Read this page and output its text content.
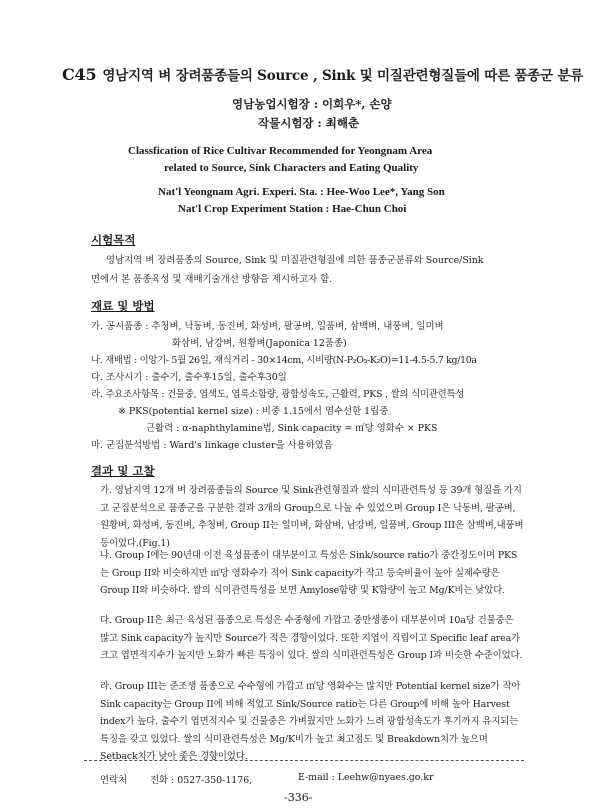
C45 영남지역 벼 장려품종들의 Source , Sink 및 미질관련형질들에 따른 품종군 분류
영남농업시험장 : 이희우*, 손양
작물시험장 : 최해춘
Classfication of Rice Cultivar Recommended for Yeongnam Area
related to Source, Sink Characters and Eating Quality
Nat'l Yeongnam Agri. Experi. Sta. : Hee-Woo Lee*, Yang Son
Nat'l Crop Experiment Station : Hae-Chun Choi
시험목적
영남지역 벼 장려품종의 Source, Sink 및 미질관련형질에 의한 품종군분류와 Source/Sink
면에서 본 품종육성 및 재배기술개선 방향을 제시하고자 함.
재료 및 방법
가. 공시품종 : 추청벼, 낙동벼, 동진벼, 화성벼, 팔공벼, 일품벼, 삼백벼, 내풍벼, 일미벼
화삼벼, 남강벼, 원황벼(Japonica 12품종)
나. 재배법 : 이앙기- 5월 26일, 재식거리 - 30×14cm, 시비량(N-P₂O₅-K₂O)=11-4.5-5.7 kg/10a
다. 조사시기 : 출수기, 출수후15일, 출수후30일
라. 주요조사항목 : 건물중, 엽색도, 엽록소함량, 광합성속도, 근활력, PKS , 쌀의 식미관련특성
※ PKS(potential kernel size) : 비중 1.15에서 염수선한 1립중
근활력 : α-naphthylamine법, Sink capacity = ㎡당 영화수 × PKS
마. 군집분석방법 : Ward's linkage cluster을 사용하였음
결과 및 고찰
가. 영남지역 12개 벼 장려품종들의 Source 및 Sink관련형질과 쌀의 식미관련특성 등 39개 형질을 가지고 군집분석으로 품종군을 구분한 결과 3개의 Group으로 나눌 수 있었으며 Group I은 낙동벼, 팔공벼, 원황벼, 화성벼, 동진벼, 추청벼, Group II는 일미벼, 화삼벼, 남강벼, 일품벼, Group III은 삼백벼,내풍벼 등이었다.(Fig.1)
나. Group I에는 90년대 이전 육성품종이 대부분이고 특성은 Sink/source ratio가 중간정도이며 PKS는 Group II와 비슷하지만 ㎡당 영화수가 적어 Sink capacity가 작고 등숙비율이 높아 실제수량은 Group II와 비슷하다. 쌀의 식미관련특성을 보면 Amylose함량 및 K함량이 높고 Mg/K비는 낮았다.
다. Group II은 최근 육성된 품종으로 특성은 수중형에 가깝고 중만생종이 대부분이며 10a당 건물중은 많고 Sink capacity가 높지만 Source가 적은 경향이었다. 또한 지엽이 직립이고 Specific leaf area가 크고 엽면적지수가 높지만 노화가 빠른 특징이 있다. 쌀의 식미관련특성은 Group I과 비슷한 수준이었다.
라. Group III는 준조생 품종으로 수수형에 가깝고 ㎡당 영화수는 많지만 Potential kernel size가 작아 Sink capacity는 Group II에 비해 적었고 Sink/Source ratio는 다른 Group에 비해 높아 Harvest index가 높다. 출수기 엽면적지수 및 건물중은 가벼웠지만 노화가 느려 광합성속도가 후기까지 유지되는 특징을 갖고 있었다. 쌀의 식미관련특성은 Mg/K비가 높고 최고점도 및 Breakdown치가 높으며 Setback치가 낮아 좋은 경향이었다.
연락처 전화 : 0527-350-1176,	E-mail : Leehw@nyaes.go.kr
-336-
